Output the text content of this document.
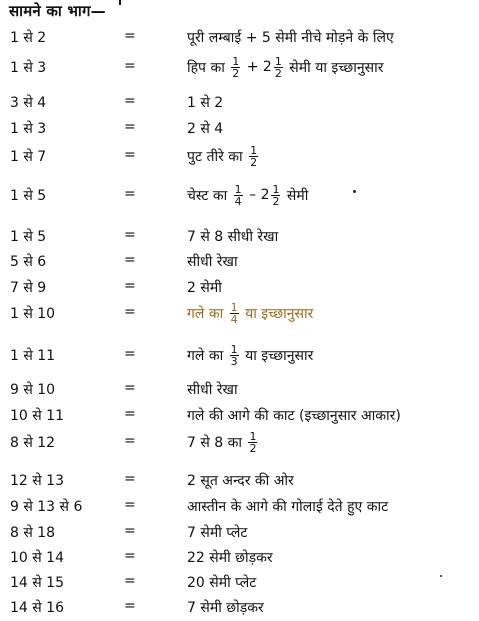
सामने का भाग—
1 से 2	=	पूरी लम्बाई + 5 सेमी नीचे मोड़ने के लिए
1 से 3	=	हिप का $\frac{1}{2} + 2 \frac{1}{2}$ सेमी या इच्छानुसार
3 से 4	=	1 से 2
1 से 3	=	2 से 4
1 से 7	=	पुट तीरे का $\frac{1}{2}$
1 से 5	=	चेस्ट का $\frac{1}{4} - 2 \frac{1}{2}$ सेमी
1 से 5	=	7 से 8 सीधी रेखा
5 से 6	=	सीधी रेखा
7 से 9	=	2 सेमी
1 से 10	=	गले का $\frac{1}{4}$ या इच्छानुसार
1 से 11	=	गले का $\frac{1}{3}$ या इच्छानुसार
9 से 10	=	सीधी रेखा
10 से 11	=	गले की आगे की काट (इच्छानुसार आकार)
8 से 12	=	7 से 8 का $\frac{1}{2}$
12 से 13	=	2 सूत अन्दर की ओर
9 से 13 से 6	=	आस्तीन के आगे की गोलाई देते हुए काट
8 से 18	=	7 सेमी प्लेट
10 से 14	=	22 सेमी छोड़कर
14 से 15	=	20 सेमी प्लेट
14 से 16	=	7 सेमी छोड़कर
